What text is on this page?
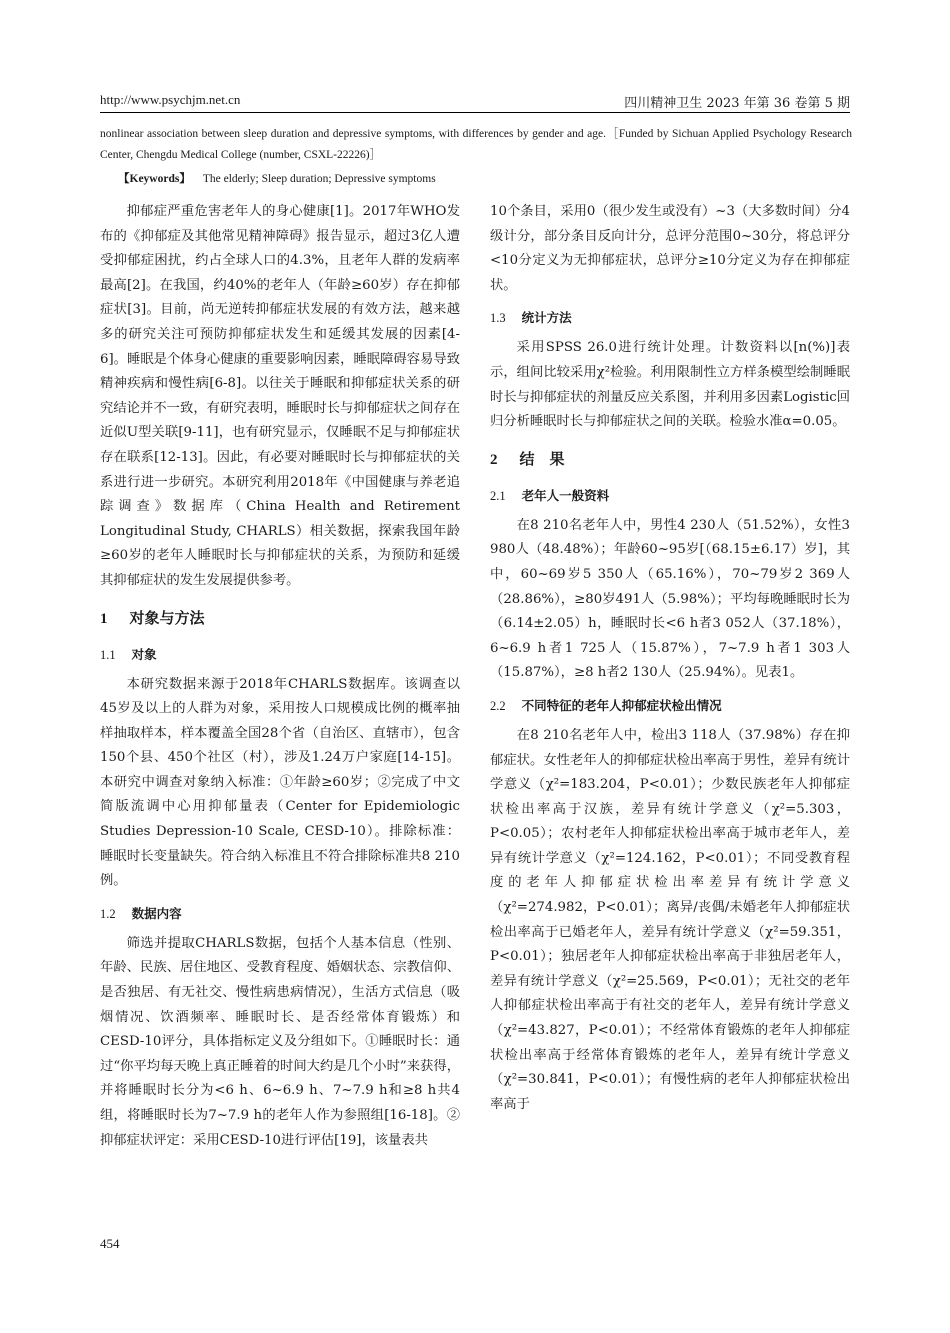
http://www.psychjm.net.cn	四川精神卫生 2023 年第 36 卷第 5 期
nonlinear association between sleep duration and depressive symptoms, with differences by gender and age.［Funded by Sichuan Applied Psychology Research Center, Chengdu Medical College (number, CSXL-22226)］
【Keywords】 The elderly; Sleep duration; Depressive symptoms

抑郁症严重危害老年人的身心健康[1]。2017年WHO发布的《抑郁症及其他常见精神障碍》报告显示，超过3亿人遭受抑郁症困扰，约占全球人口的4.3%，且老年人群的发病率最高[2]。在我国，约40%的老年人（年龄≥60岁）存在抑郁症状[3]。目前，尚无逆转抑郁症状发展的有效方法，越来越多的研究关注可预防抑郁症状发生和延缓其发展的因素[4-6]。睡眠是个体身心健康的重要影响因素，睡眠障碍容易导致精神疾病和慢性病[6-8]。以往关于睡眠和抑郁症状关系的研究结论并不一致，有研究表明，睡眠时长与抑郁症状之间存在近似U型关联[9-11]，也有研究显示，仅睡眠不足与抑郁症状存在联系[12-13]。因此，有必要对睡眠时长与抑郁症状的关系进行进一步研究。本研究利用2018年《中国健康与养老追踪调查》数据库（China Health and Retirement Longitudinal Study, CHARLS）相关数据，探索我国年龄≥60岁的老年人睡眠时长与抑郁症状的关系，为预防和延缓其抑郁症状的发生发展提供参考。

1 对象与方法
1.1 对象

本研究数据来源于2018年CHARLS数据库。该调查以45岁及以上的人群为对象，采用按人口规模成比例的概率抽样抽取样本，样本覆盖全国28个省（自治区、直辖市），包含150个县、450个社区（村），涉及1.24万户家庭[14-15]。本研究中调查对象纳入标准：①年龄≥60岁；②完成了中文简版流调中心用抑郁量表（Center for Epidemiologic Studies Depression-10 Scale, CESD-10）。排除标准：睡眠时长变量缺失。符合纳入标准且不符合排除标准共8 210例。

1.2 数据内容

筛选并提取CHARLS数据，包括个人基本信息（性别、年龄、民族、居住地区、受教育程度、婚姻状态、宗教信仰、是否独居、有无社交、慢性病患病情况），生活方式信息（吸烟情况、饮酒频率、睡眠时长、是否经常体育锻炼）和CESD-10评分，具体指标定义及分组如下。①睡眠时长：通过“你平均每天晚上真正睡着的时间大约是几个小时”来获得，并将睡眠时长分为<6 h、6~6.9 h、7~7.9 h和≥8 h共4组，将睡眠时长为7~7.9 h的老年人作为参照组[16-18]。②抑郁症状评定：采用CESD-10进行评估[19]，该量表共

10个条目，采用0（很少发生或没有）~3（大多数时间）分4级计分，部分条目反向计分，总评分范围0~30分，将总评分<10分定义为无抑郁症状，总评分≥10分定义为存在抑郁症状。

1.3 统计方法

采用SPSS 26.0进行统计处理。计数资料以[n(%)]表示，组间比较采用χ²检验。利用限制性立方样条模型绘制睡眠时长与抑郁症状的剂量反应关系图，并利用多因素Logistic回归分析睡眠时长与抑郁症状之间的关联。检验水准α=0.05。

2 结　果
2.1 老年人一般资料

在8 210名老年人中，男性4 230人（51.52%），女性3 980人（48.48%）；年龄60~95岁[（68.15±6.17）岁]，其中，60~69岁5 350人（65.16%），70~79岁2 369人（28.86%），≥80岁491人（5.98%）；平均每晚睡眠时长为（6.14±2.05）h，睡眠时长<6 h者3 052人（37.18%），6~6.9 h者1 725人（15.87%），7~7.9 h者1 303人（15.87%），≥8 h者2 130人（25.94%）。见表1。

2.2 不同特征的老年人抑郁症状检出情况

在8 210名老年人中，检出3 118人（37.98%）存在抑郁症状。女性老年人的抑郁症状检出率高于男性，差异有统计学意义（χ²=183.204，P<0.01）；少数民族老年人抑郁症状检出率高于汉族，差异有统计学意义（χ²=5.303，P<0.05）；农村老年人抑郁症状检出率高于城市老年人，差异有统计学意义（χ²=124.162，P<0.01）；不同受教育程度的老年人抑郁症状检出率差异有统计学意义（χ²=274.982，P<0.01）；离异/丧偶/未婚老年人抑郁症状检出率高于已婚老年人，差异有统计学意义（χ²=59.351，P<0.01）；独居老年人抑郁症状检出率高于非独居老年人，差异有统计学意义（χ²=25.569，P<0.01）；无社交的老年人抑郁症状检出率高于有社交的老年人，差异有统计学意义（χ²=43.827，P<0.01）；不经常体育锻炼的老年人抑郁症状检出率高于经常体育锻炼的老年人，差异有统计学意义（χ²=30.841，P<0.01）；有慢性病的老年人抑郁症状检出率高于

454
